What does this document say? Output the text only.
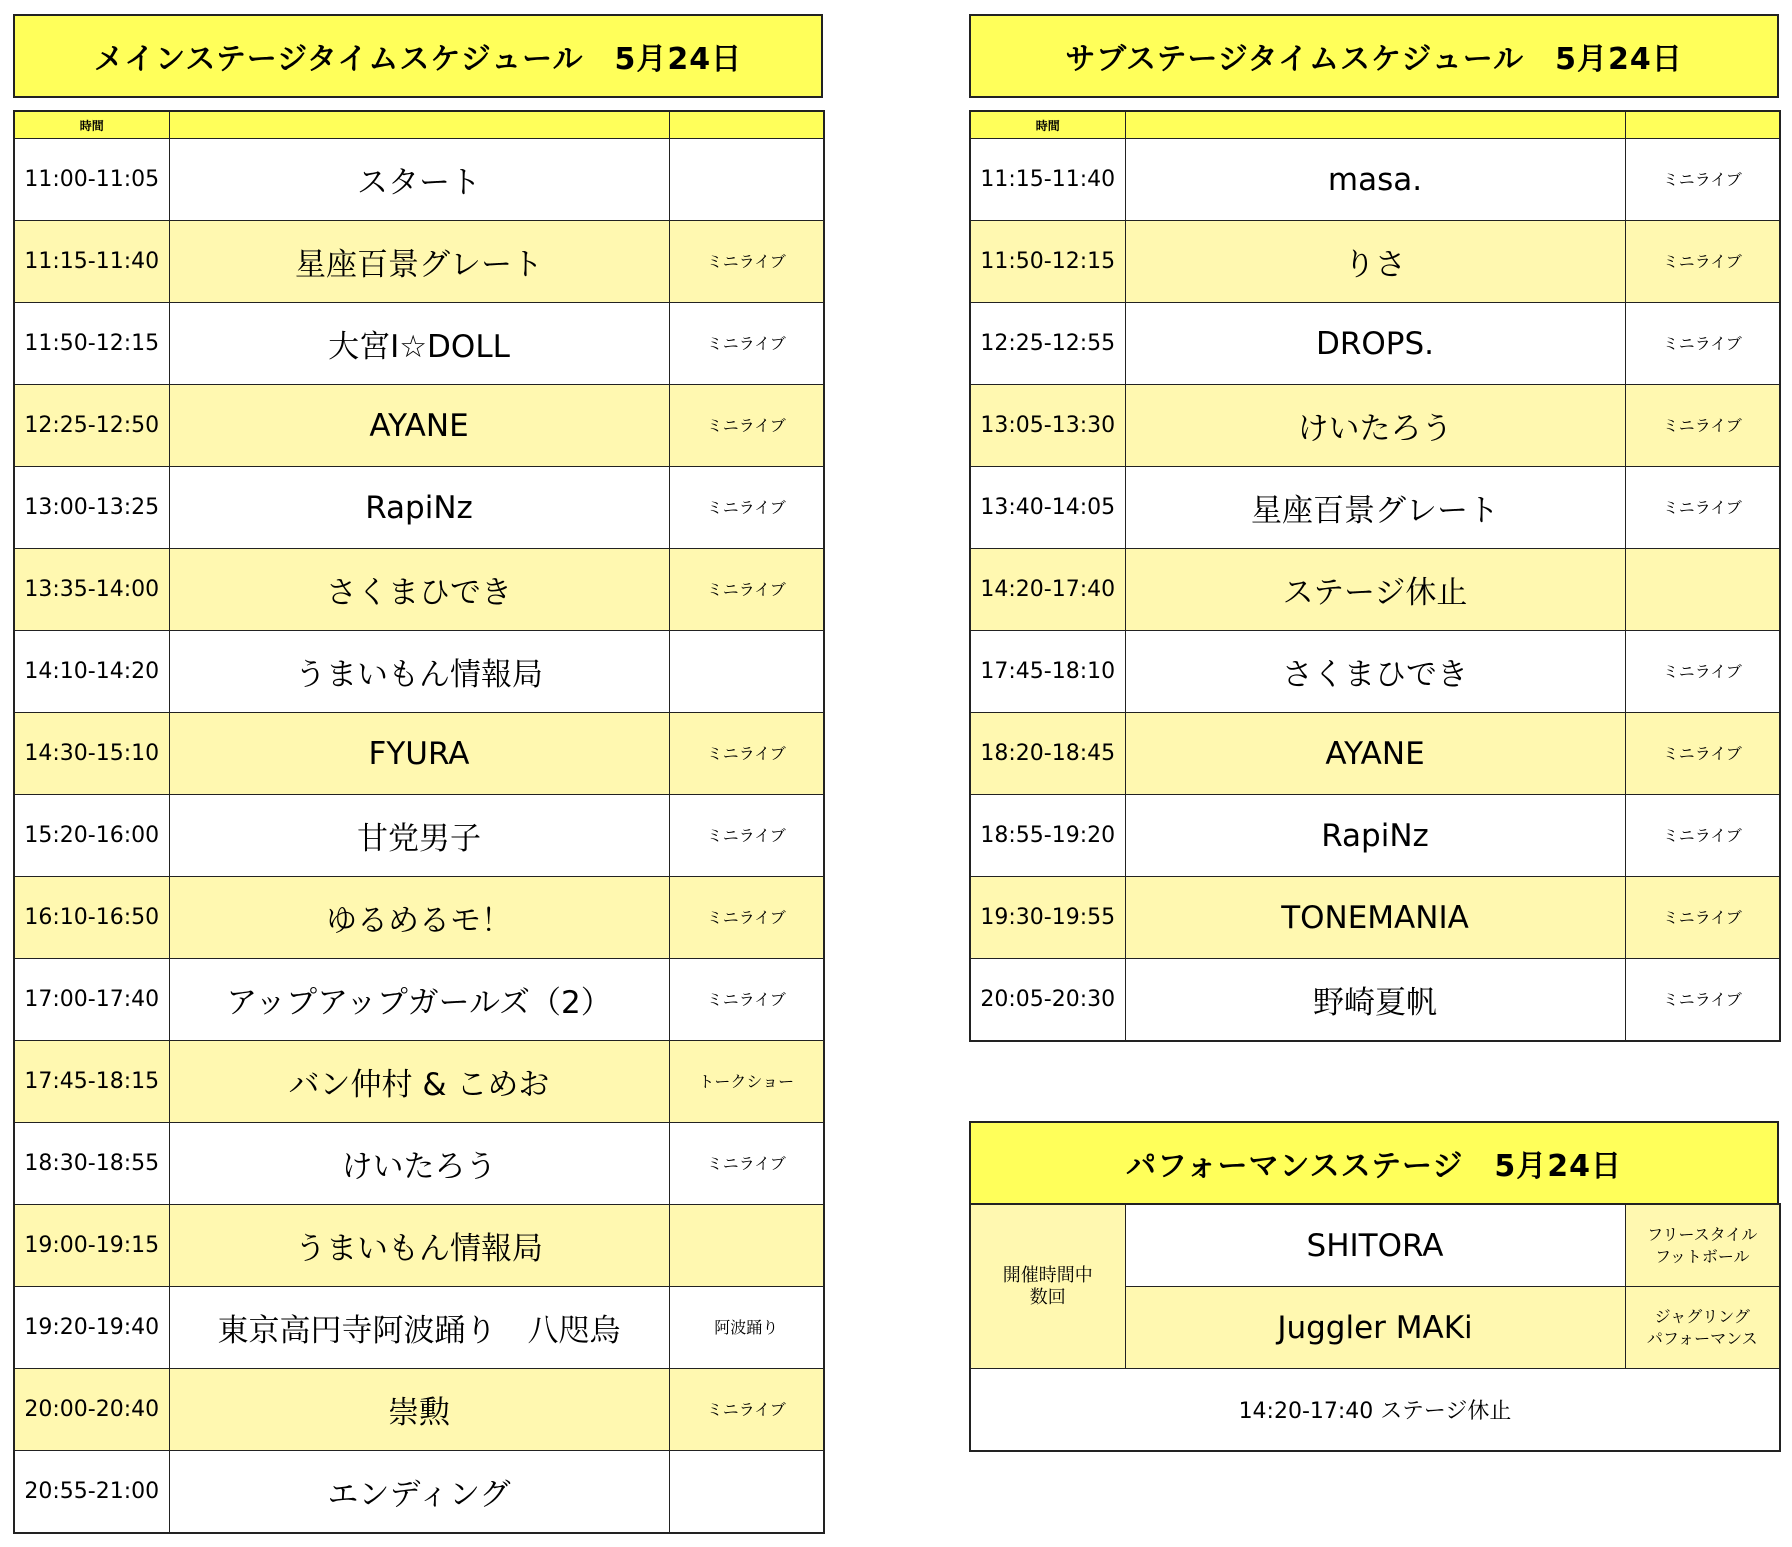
メインステージタイムスケジュール　5月24日
時間		
11:00-11:05	スタート	
11:15-11:40	星座百景グレート	ミニライブ
11:50-12:15	大宮I☆DOLL	ミニライブ
12:25-12:50	AYANE	ミニライブ
13:00-13:25	RapiNz	ミニライブ
13:35-14:00	さくまひでき	ミニライブ
14:10-14:20	うまいもん情報局	
14:30-15:10	FYURA	ミニライブ
15:20-16:00	甘党男子	ミニライブ
16:10-16:50	ゆるめるモ！	ミニライブ
17:00-17:40	アップアップガールズ（2）	ミニライブ
17:45-18:15	バン仲村 & こめお	トークショー
18:30-18:55	けいたろう	ミニライブ
19:00-19:15	うまいもん情報局	
19:20-19:40	東京高円寺阿波踊り　八咫烏	阿波踊り
20:00-20:40	崇勲	ミニライブ
20:55-21:00	エンディング	
サブステージタイムスケジュール　5月24日
時間		
11:15-11:40	masa.	ミニライブ
11:50-12:15	りさ	ミニライブ
12:25-12:55	DROPS.	ミニライブ
13:05-13:30	けいたろう	ミニライブ
13:40-14:05	星座百景グレート	ミニライブ
14:20-17:40	ステージ休止	
17:45-18:10	さくまひでき	ミニライブ
18:20-18:45	AYANE	ミニライブ
18:55-19:20	RapiNz	ミニライブ
19:30-19:55	TONEMANIA	ミニライブ
20:05-20:30	野崎夏帆	ミニライブ
パフォーマンスステージ　5月24日
開催時間中
数回	SHITORA	フリースタイル
フットボール
	Juggler MAKi	ジャグリング
パフォーマンス
14:20-17:40 ステージ休止		
